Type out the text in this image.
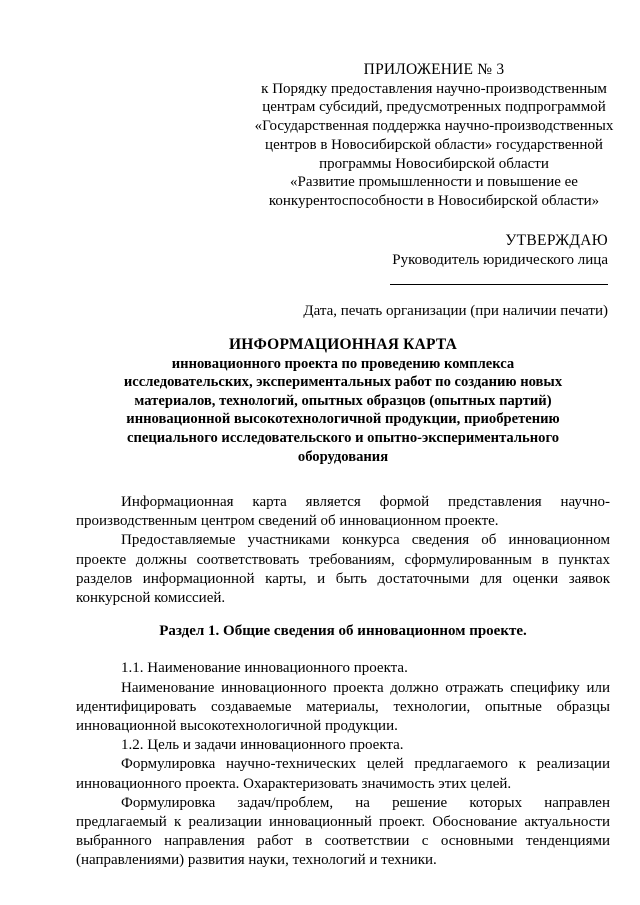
ПРИЛОЖЕНИЕ № 3
к Порядку предоставления научно-производственным
центрам субсидий, предусмотренных подпрограммой
«Государственная поддержка научно-производственных
центров в Новосибирской области» государственной
программы Новосибирской области
«Развитие промышленности и повышение ее
конкурентоспособности в Новосибирской области»
УТВЕРЖДАЮ
Руководитель юридического лица
Дата, печать организации (при наличии печати)
ИНФОРМАЦИОННАЯ КАРТА
инновационного проекта по проведению комплекса
исследовательских, экспериментальных работ по созданию новых
материалов, технологий, опытных образцов (опытных партий)
инновационной высокотехнологичной продукции, приобретению
специального исследовательского и опытно-экспериментального
оборудования

Информационная карта является формой представления научно-производственным центром сведений об инновационном проекте.

Предоставляемые участниками конкурса сведения об инновационном проекте должны соответствовать требованиям, сформулированным в пунктах разделов информационной карты, и быть достаточными для оценки заявок конкурсной комиссией.

Раздел 1. Общие сведения об инновационном проекте.

1.1. Наименование инновационного проекта.

Наименование инновационного проекта должно отражать специфику или идентифицировать создаваемые материалы, технологии, опытные образцы инновационной высокотехнологичной продукции.

1.2. Цель и задачи инновационного проекта.

Формулировка научно-технических целей предлагаемого к реализации инновационного проекта. Охарактеризовать значимость этих целей.

Формулировка задач/проблем, на решение которых направлен предлагаемый к реализации инновационный проект. Обоснование актуальности выбранного направления работ в соответствии с основными тенденциями (направлениями) развития науки, технологий и техники.
